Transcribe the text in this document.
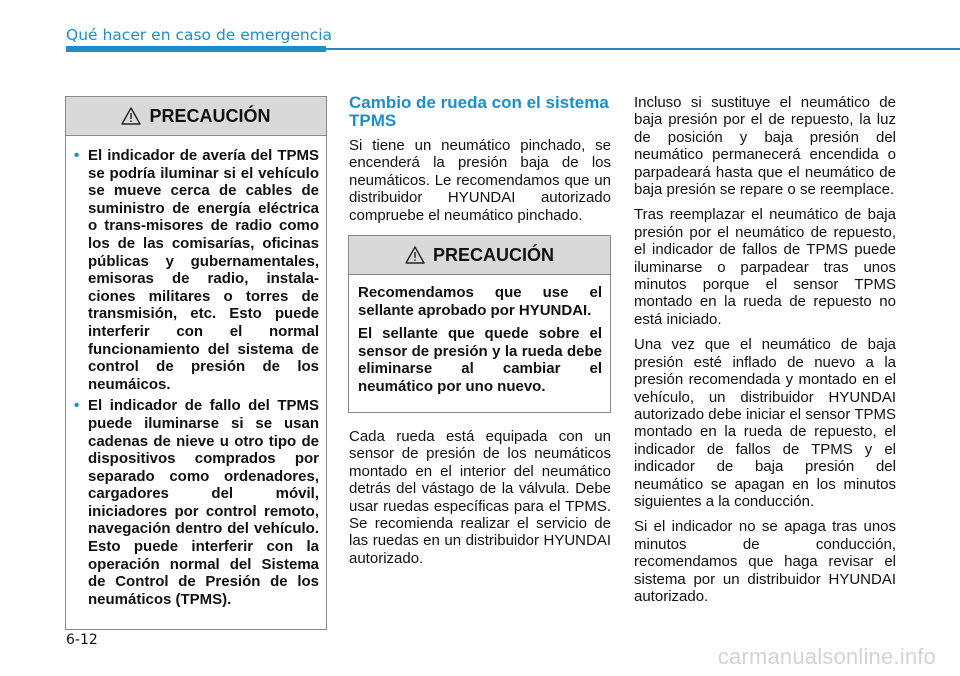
Qué hacer en caso de emergencia
PRECAUCIÓN
• El indicador de avería del TPMS se podría iluminar si el vehículo se mueve cerca de cables de suministro de energía eléctrica o trans-misores de radio como los de las comisarías, oficinas públicas y gubernamentales, emisoras de radio, instala-ciones militares o torres de transmisión, etc. Esto puede interferir con el normal funcionamiento del sistema de control de presión de los neumáicos.
• El indicador de fallo del TPMS puede iluminarse si se usan cadenas de nieve u otro tipo de dispositivos comprados por separado como ordenadores, cargadores del móvil, iniciadores por control remoto, navegación dentro del vehículo. Esto puede interferir con la operación normal del Sistema de Control de Presión de los neumáticos (TPMS).
Cambio de rueda con el sistema TPMS

Si tiene un neumático pinchado, se encenderá la presión baja de los neumáticos. Le recomendamos que un distribuidor HYUNDAI autorizado compruebe el neumático pinchado.

PRECAUCIÓN

Recomendamos que use el sellante aprobado por HYUNDAI.

El sellante que quede sobre el sensor de presión y la rueda debe eliminarse al cambiar el neumático por uno nuevo.

Cada rueda está equipada con un sensor de presión de los neumáticos montado en el interior del neumático detrás del vástago de la válvula. Debe usar ruedas específicas para el TPMS. Se recomienda realizar el servicio de las ruedas en un distribuidor HYUNDAI autorizado.

Incluso si sustituye el neumático de baja presión por el de repuesto, la luz de posición y baja presión del neumático permanecerá encendida o parpadeará hasta que el neumático de baja presión se repare o se reemplace.

Tras reemplazar el neumático de baja presión por el neumático de repuesto, el indicador de fallos de TPMS puede iluminarse o parpadear tras unos minutos porque el sensor TPMS montado en la rueda de repuesto no está iniciado.

Una vez que el neumático de baja presión esté inflado de nuevo a la presión recomendada y montado en el vehículo, un distribuidor HYUNDAI autorizado debe iniciar el sensor TPMS montado en la rueda de repuesto, el indicador de fallos de TPMS y el indicador de baja presión del neumático se apagan en los minutos siguientes a la conducción.

Si el indicador no se apaga tras unos minutos de conducción, recomendamos que haga revisar el sistema por un distribuidor HYUNDAI autorizado.

6-12
carmanualsonline.info
